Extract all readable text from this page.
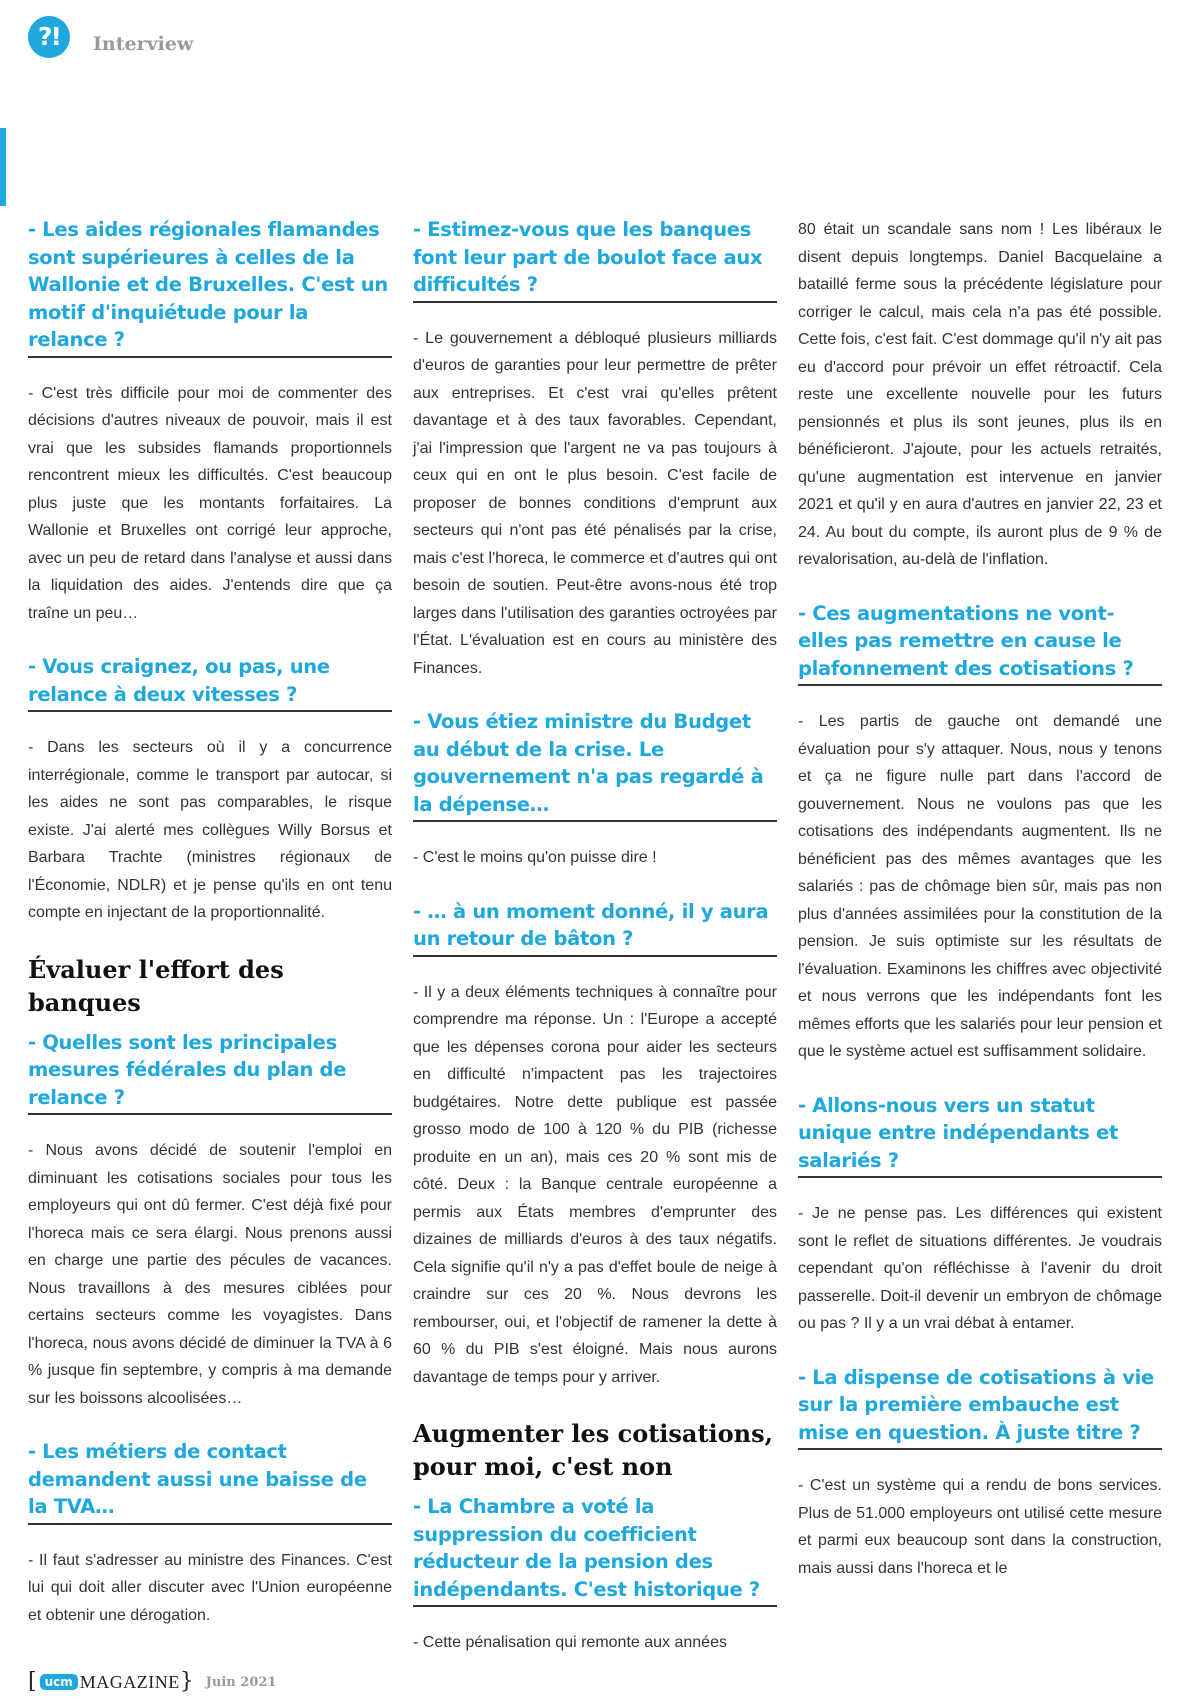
?!	Interview
- Les aides régionales flamandes sont supérieures à celles de la Wallonie et de Bruxelles. C'est un motif d'inquiétude pour la relance ?
- C'est très difficile pour moi de commenter des décisions d'autres niveaux de pouvoir, mais il est vrai que les subsides flamands proportionnels rencontrent mieux les difficultés. C'est beaucoup plus juste que les montants forfaitaires. La Wallonie et Bruxelles ont corrigé leur approche, avec un peu de retard dans l'analyse et aussi dans la liquidation des aides. J'entends dire que ça traîne un peu…
- Vous craignez, ou pas, une relance à deux vitesses ?
- Dans les secteurs où il y a concurrence interrégionale, comme le transport par autocar, si les aides ne sont pas comparables, le risque existe. J'ai alerté mes collègues Willy Borsus et Barbara Trachte (ministres régionaux de l'Économie, NDLR) et je pense qu'ils en ont tenu compte en injectant de la proportionnalité.
Évaluer l'effort des banques
- Quelles sont les principales mesures fédérales du plan de relance ?
- Nous avons décidé de soutenir l'emploi en diminuant les cotisations sociales pour tous les employeurs qui ont dû fermer. C'est déjà fixé pour l'horeca mais ce sera élargi. Nous prenons aussi en charge une partie des pécules de vacances. Nous travaillons à des mesures ciblées pour certains secteurs comme les voyagistes. Dans l'horeca, nous avons décidé de diminuer la TVA à 6 % jusque fin septembre, y compris à ma demande sur les boissons alcoolisées…
- Les métiers de contact demandent aussi une baisse de la TVA…
- Il faut s'adresser au ministre des Finances. C'est lui qui doit aller discuter avec l'Union européenne et obtenir une dérogation.
- Estimez-vous que les banques font leur part de boulot face aux difficultés ?
- Le gouvernement a débloqué plusieurs milliards d'euros de garanties pour leur permettre de prêter aux entreprises. Et c'est vrai qu'elles prêtent davantage et à des taux favorables. Cependant, j'ai l'impression que l'argent ne va pas toujours à ceux qui en ont le plus besoin. C'est facile de proposer de bonnes conditions d'emprunt aux secteurs qui n'ont pas été pénalisés par la crise, mais c'est l'horeca, le commerce et d'autres qui ont besoin de soutien. Peut-être avons-nous été trop larges dans l'utilisation des garanties octroyées par l'État. L'évaluation est en cours au ministère des Finances.
- Vous étiez ministre du Budget au début de la crise. Le gouvernement n'a pas regardé à la dépense…
- C'est le moins qu'on puisse dire !
- … à un moment donné, il y aura un retour de bâton ?
- Il y a deux éléments techniques à connaître pour comprendre ma réponse. Un : l'Europe a accepté que les dépenses corona pour aider les secteurs en difficulté n'impactent pas les trajectoires budgétaires. Notre dette publique est passée grosso modo de 100 à 120 % du PIB (richesse produite en un an), mais ces 20 % sont mis de côté. Deux : la Banque centrale européenne a permis aux États membres d'emprunter des dizaines de milliards d'euros à des taux négatifs. Cela signifie qu'il n'y a pas d'effet boule de neige à craindre sur ces 20 %. Nous devrons les rembourser, oui, et l'objectif de ramener la dette à 60 % du PIB s'est éloigné. Mais nous aurons davantage de temps pour y arriver.
Augmenter les cotisations, pour moi, c'est non
- La Chambre a voté la suppression du coefficient réducteur de la pension des indépendants. C'est historique ?
- Cette pénalisation qui remonte aux années
80 était un scandale sans nom ! Les libéraux le disent depuis longtemps. Daniel Bacquelaine a bataillé ferme sous la précédente législature pour corriger le calcul, mais cela n'a pas été possible. Cette fois, c'est fait. C'est dommage qu'il n'y ait pas eu d'accord pour prévoir un effet rétroactif. Cela reste une excellente nouvelle pour les futurs pensionnés et plus ils sont jeunes, plus ils en bénéficieront. J'ajoute, pour les actuels retraités, qu'une augmentation est intervenue en janvier 2021 et qu'il y en aura d'autres en janvier 22, 23 et 24. Au bout du compte, ils auront plus de 9 % de revalorisation, au-delà de l'inflation.
- Ces augmentations ne vont-elles pas remettre en cause le plafonnement des cotisations ?
- Les partis de gauche ont demandé une évaluation pour s'y attaquer. Nous, nous y tenons et ça ne figure nulle part dans l'accord de gouvernement. Nous ne voulons pas que les cotisations des indépendants augmentent. Ils ne bénéficient pas des mêmes avantages que les salariés : pas de chômage bien sûr, mais pas non plus d'années assimilées pour la constitution de la pension. Je suis optimiste sur les résultats de l'évaluation. Examinons les chiffres avec objectivité et nous verrons que les indépendants font les mêmes efforts que les salariés pour leur pension et que le système actuel est suffisamment solidaire.
- Allons-nous vers un statut unique entre indépendants et salariés ?
- Je ne pense pas. Les différences qui existent sont le reflet de situations différentes. Je voudrais cependant qu'on réfléchisse à l'avenir du droit passerelle. Doit-il devenir un embryon de chômage ou pas ? Il y a un vrai débat à entamer.
- La dispense de cotisations à vie sur la première embauche est mise en question. À juste titre ?
- C'est un système qui a rendu de bons services. Plus de 51.000 employeurs ont utilisé cette mesure et parmi eux beaucoup sont dans la construction, mais aussi dans l'horeca et le
[ ucm MAGAZINE } Juin 2021
